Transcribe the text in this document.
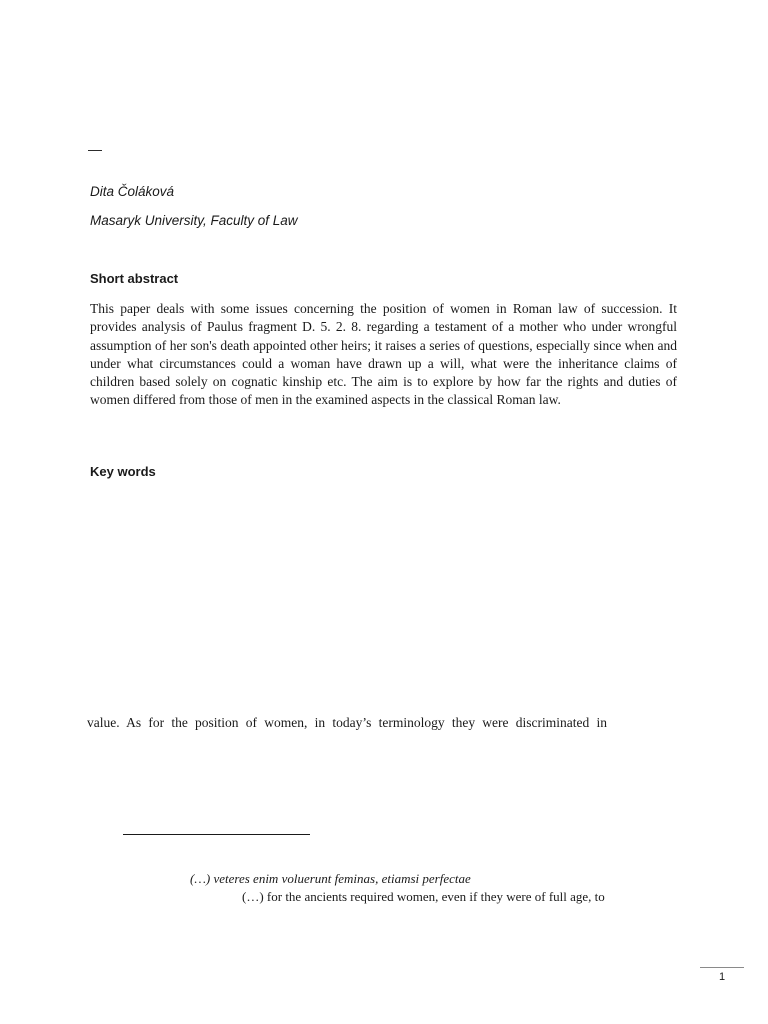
—
Dita Čoláková
Masaryk University, Faculty of Law
Short abstract

This paper deals with some issues concerning the position of women in Roman law of succession. It provides analysis of Paulus fragment D. 5. 2. 8. regarding a testament of a mother who under wrongful assumption of her son's death appointed other heirs; it raises a series of questions, especially since when and under what circumstances could a woman have drawn up a will, what were the inheritance claims of children based solely on cognatic kinship etc. The aim is to explore by how far the rights and duties of women differed from those of men in the examined aspects in the classical Roman law.

Key words
value. As for the position of women, in today’s terminology they were discriminated in
(…) veteres enim voluerunt feminas, etiamsi perfectae
(…) for the ancients required women, even if they were of full age, to
1
